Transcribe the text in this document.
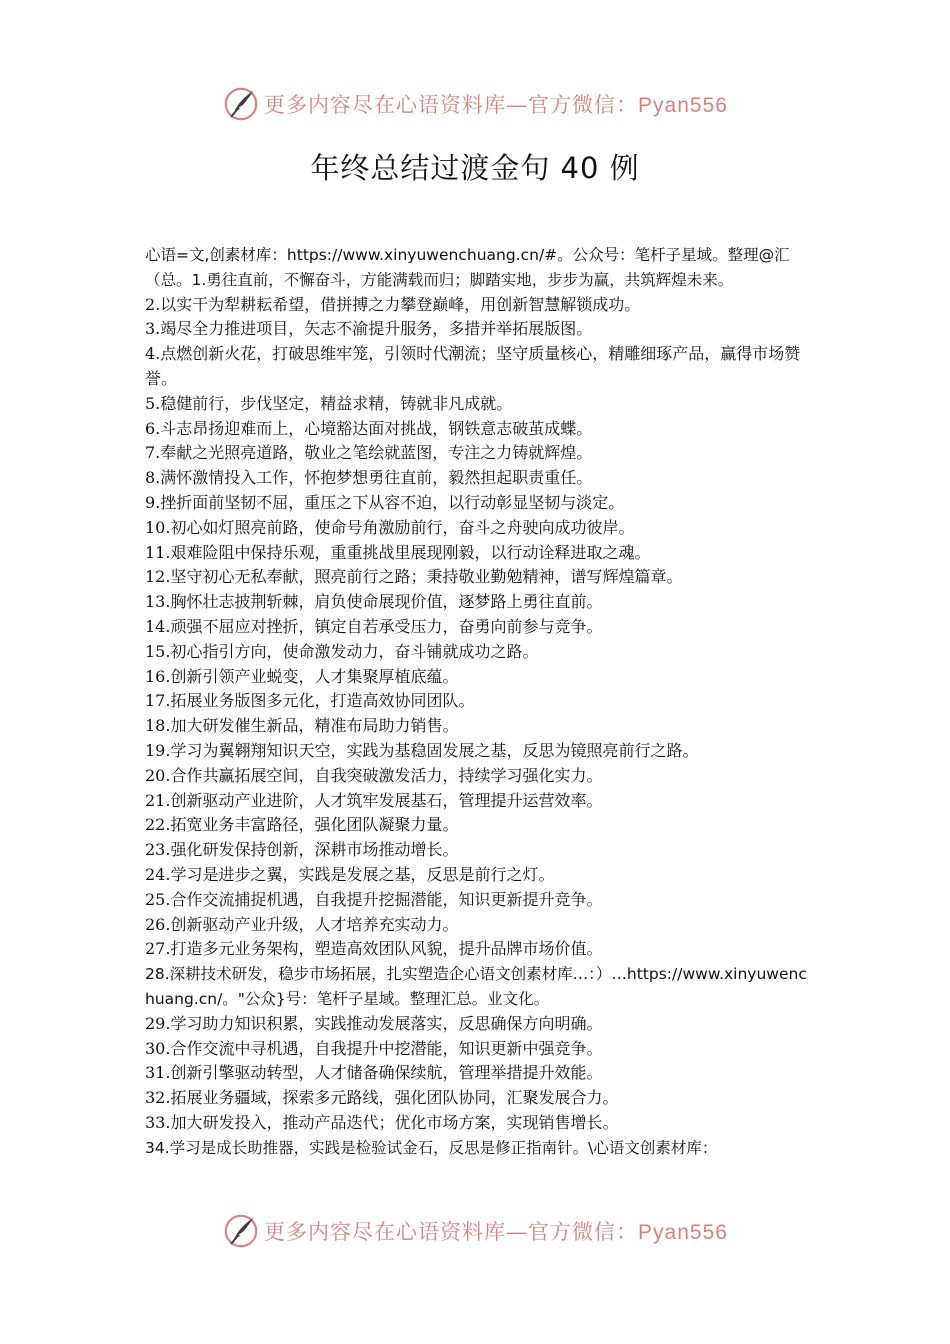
更多内容尽在心语资料库—官方微信：Pyan556
年终总结过渡金句 40 例

心语=文,创素材库：https://www.xinyuwenchuang.cn/#。公众号：笔杆子星域。整理@汇（总。1.勇往直前，不懈奋斗，方能满载而归；脚踏实地，步步为赢，共筑辉煌未来。

2.以实干为犁耕耘希望，借拼搏之力攀登巅峰，用创新智慧解锁成功。

3.竭尽全力推进项目，矢志不渝提升服务，多措并举拓展版图。

4.点燃创新火花，打破思维牢笼，引领时代潮流；坚守质量核心，精雕细琢产品，赢得市场赞誉。

5.稳健前行，步伐坚定，精益求精，铸就非凡成就。

6.斗志昂扬迎难而上，心境豁达面对挑战，钢铁意志破茧成蝶。

7.奉献之光照亮道路，敬业之笔绘就蓝图，专注之力铸就辉煌。

8.满怀激情投入工作，怀抱梦想勇往直前，毅然担起职责重任。

9.挫折面前坚韧不屈，重压之下从容不迫，以行动彰显坚韧与淡定。

10.初心如灯照亮前路，使命号角激励前行，奋斗之舟驶向成功彼岸。

11.艰难险阻中保持乐观，重重挑战里展现刚毅，以行动诠释进取之魂。

12.坚守初心无私奉献，照亮前行之路；秉持敬业勤勉精神，谱写辉煌篇章。

13.胸怀壮志披荆斩棘，肩负使命展现价值，逐梦路上勇往直前。

14.顽强不屈应对挫折，镇定自若承受压力，奋勇向前参与竞争。

15.初心指引方向，使命激发动力，奋斗铺就成功之路。

16.创新引领产业蜕变，人才集聚厚植底蕴。

17.拓展业务版图多元化，打造高效协同团队。

18.加大研发催生新品，精准布局助力销售。

19.学习为翼翱翔知识天空，实践为基稳固发展之基，反思为镜照亮前行之路。

20.合作共赢拓展空间，自我突破激发活力，持续学习强化实力。

21.创新驱动产业进阶，人才筑牢发展基石，管理提升运营效率。

22.拓宽业务丰富路径，强化团队凝聚力量。

23.强化研发保持创新，深耕市场推动增长。

24.学习是进步之翼，实践是发展之基，反思是前行之灯。

25.合作交流捕捉机遇，自我提升挖掘潜能，知识更新提升竞争。

26.创新驱动产业升级，人才培养充实动力。

27.打造多元业务架构，塑造高效团队风貌，提升品牌市场价值。

28.深耕技术研发，稳步市场拓展，扎实塑造企心语文创素材库…：）…https://www.xinyuwenchuang.cn/。"公众}号：笔杆子星域。整理汇总。业文化。

29.学习助力知识积累，实践推动发展落实，反思确保方向明确。

30.合作交流中寻机遇，自我提升中挖潜能，知识更新中强竞争。

31.创新引擎驱动转型，人才储备确保续航，管理举措提升效能。

32.拓展业务疆域，探索多元路线，强化团队协同，汇聚发展合力。

33.加大研发投入，推动产品迭代；优化市场方案，实现销售增长。

34.学习是成长助推器，实践是检验试金石，反思是修正指南针。\心语文创素材库：

更多内容尽在心语资料库—官方微信：Pyan556
